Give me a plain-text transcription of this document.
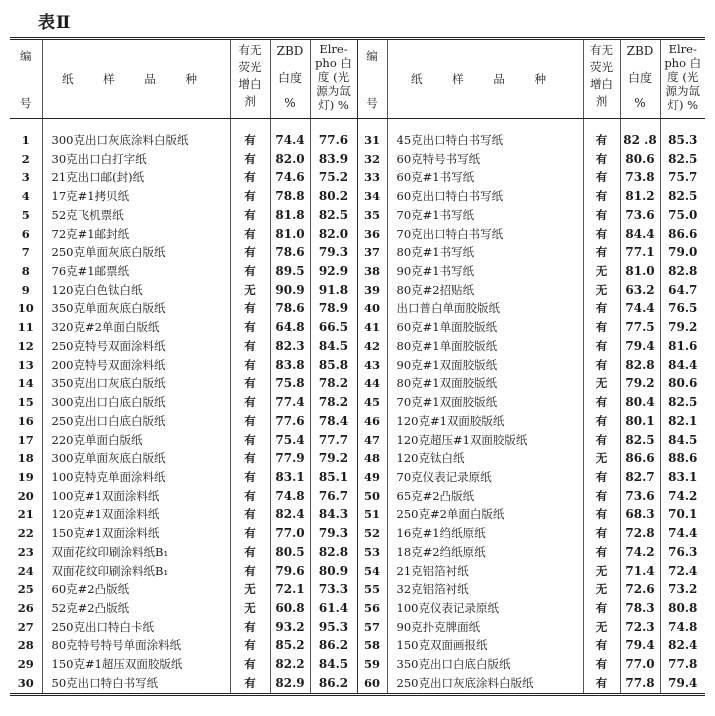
表Ⅱ
编
号	纸 样 品 种	有无
荧光
增白
剂	ZBD
白度
%	Elre-
pho 白
度 (光
源为氙
灯) %	编
号	纸 样 品 种	有无
荧光
增白
剂	ZBD
白度
%	Elre-
pho 白
度 (光
源为氙
灯) %

1	300克出口灰底涂料白版纸	有	74.4	77.6	31	45克出口特白书写纸	有	82 .8	85.3
2	30克出口白打字纸	有	82.0	83.9	32	60克特号书写纸	有	80.6	82.5
3	21克出口邮(封)纸	有	74.6	75.2	33	60克#1书写纸	有	73.8	75.7
4	17克#1拷贝纸	有	78.8	80.2	34	60克出口特白书写纸	有	81.2	82.5
5	52克飞机票纸	有	81.8	82.5	35	70克#1书写纸	有	73.6	75.0
6	72克#1邮封纸	有	81.0	82.0	36	70克出口特白书写纸	有	84.4	86.6
7	250克单面灰底白版纸	有	78.6	79.3	37	80克#1书写纸	有	77.1	79.0
8	76克#1邮票纸	有	89.5	92.9	38	90克#1书写纸	无	81.0	82.8
9	120克白色钛白纸	无	90.9	91.8	39	80克#2招贴纸	无	63.2	64.7
10	350克单面灰底白版纸	有	78.6	78.9	40	出口普白单面胶版纸	有	74.4	76.5
11	320克#2单面白版纸	有	64.8	66.5	41	60克#1单面胶版纸	有	77.5	79.2
12	250克特号双面涂料纸	有	82.3	84.5	42	80克#1单面胶版纸	有	79.4	81.6
13	200克特号双面涂料纸	有	83.8	85.8	43	90克#1双面胶版纸	有	82.8	84.4
14	350克出口灰底白版纸	有	75.8	78.2	44	80克#1双面胶版纸	无	79.2	80.6
15	300克出口白底白版纸	有	77.4	78.2	45	70克#1双面胶版纸	有	80.4	82.5
16	250克出口白底白版纸	有	77.6	78.4	46	120克#1双面胶版纸	有	80.1	82.1
17	220克单面白版纸	有	75.4	77.7	47	120克超压#1双面胶版纸	有	82.5	84.5
18	300克单面灰底白版纸	有	77.9	79.2	48	120克钛白纸	无	86.6	88.6
19	100克特克单面涂料纸	有	83.1	85.1	49	70克仪表记录原纸	有	82.7	83.1
20	100克#1双面涂料纸	有	74.8	76.7	50	65克#2凸版纸	有	73.6	74.2
21	120克#1双面涂料纸	有	82.4	84.3	51	250克#2单面白版纸	有	68.3	70.1
22	150克#1双面涂料纸	有	77.0	79.3	52	16克#1绉纸原纸	有	72.8	74.4
23	双面花纹印刷涂料纸B₁	有	80.5	82.8	53	18克#2绉纸原纸	有	74.2	76.3
24	双面花纹印刷涂料纸B₁	有	79.6	80.9	54	21克铝箔衬纸	无	71.4	72.4
25	60克#2凸版纸	无	72.1	73.3	55	32克铝箔衬纸	无	72.6	73.2
26	52克#2凸版纸	无	60.8	61.4	56	100克仪表记录原纸	有	78.3	80.8
27	250克出口特白卡纸	有	93.2	95.3	57	90克扑克牌面纸	无	72.3	74.8
28	80克特号特号单面涂料纸	有	85.2	86.2	58	150克双面画报纸	有	79.4	82.4
29	150克#1超压双面胶版纸	有	82.2	84.5	59	350克出口白底白版纸	有	77.0	77.8
30	50克出口特白书写纸	有	82.9	86.2	60	250克出口灰底涂料白版纸	有	77.8	79.4
